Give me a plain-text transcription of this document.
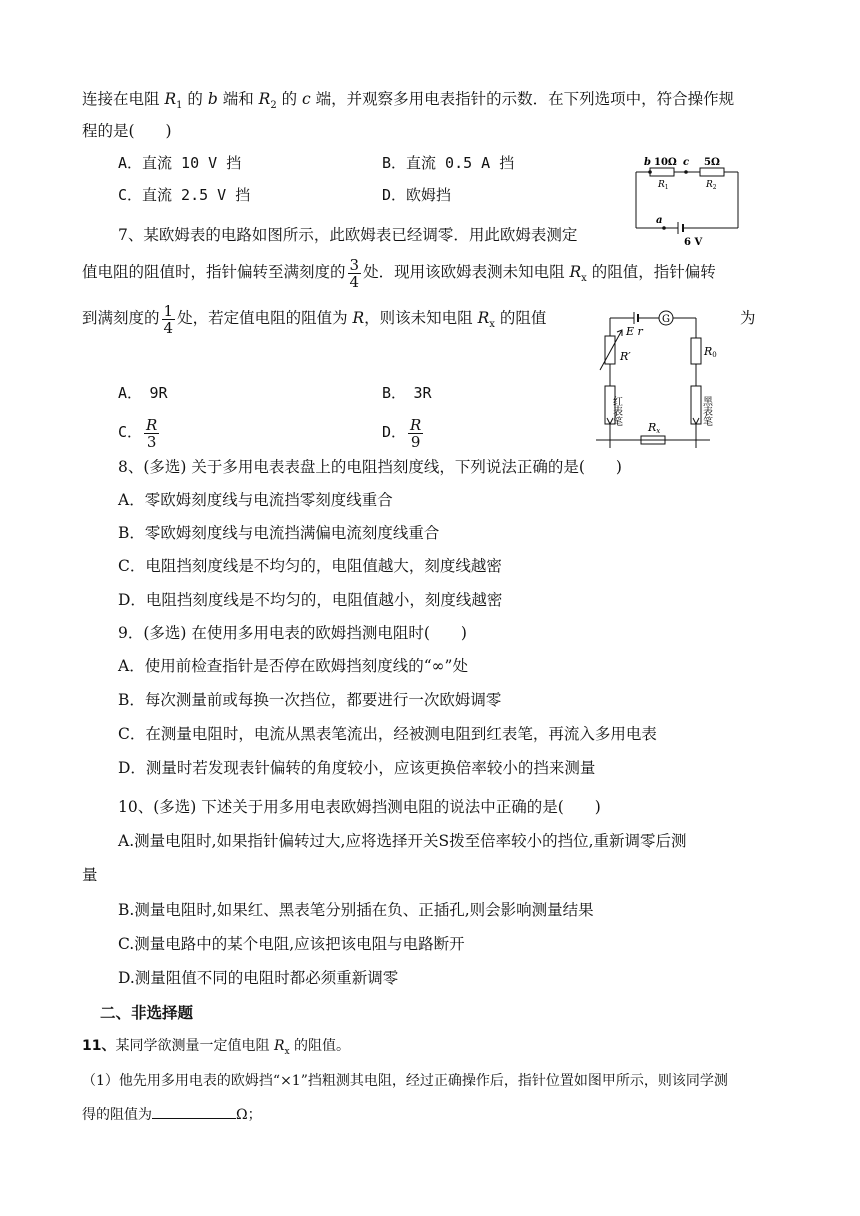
连接在电阻 $R_1$ 的 b 端和 $R_2$ 的 c 端，并观察多用电表指针的示数．在下列选项中，符合操作规
程的是(　　)
A．直流 10 V 挡	B．直流 0.5 A 挡
C．直流 2.5 V 挡	D．欧姆挡
b 10Ω c 5Ω
$R_1$	$R_2$
a
6 V
7、某欧姆表的电路如图所示，此欧姆表已经调零．用此欧姆表测定
值电阻的阻值时，指针偏转至满刻度的 $\frac{3}{4}$ 处．现用该欧姆表测未知电阻 $R_x$ 的阻值，指针偏转
到满刻度的 $\frac{1}{4}$ 处，若定值电阻的阻值为 R，则该未知电阻 $R_x$ 的阻值	为
A．　9R	B．　3R
C． $\frac{R}{3}$	D． $\frac{R}{9}$
G
E r
R′	R0
Rx
红表笔	黑表笔
8、(多选) 关于多用电表表盘上的电阻挡刻度线，下列说法正确的是(　　)
A．零欧姆刻度线与电流挡零刻度线重合
B．零欧姆刻度线与电流挡满偏电流刻度线重合
C．电阻挡刻度线是不均匀的，电阻值越大，刻度线越密
D．电阻挡刻度线是不均匀的，电阻值越小，刻度线越密
9．(多选) 在使用多用电表的欧姆挡测电阻时(　　)
A．使用前检查指针是否停在欧姆挡刻度线的“∞”处
B．每次测量前或每换一次挡位，都要进行一次欧姆调零
C．在测量电阻时，电流从黑表笔流出，经被测电阻到红表笔，再流入多用电表
D．测量时若发现表针偏转的角度较小，应该更换倍率较小的挡来测量
10、(多选) 下述关于用多用电表欧姆挡测电阻的说法中正确的是(　　)
A.测量电阻时,如果指针偏转过大,应将选择开关S拨至倍率较小的挡位,重新调零后测
量
B.测量电阻时,如果红、黑表笔分别插在负、正插孔,则会影响测量结果
C.测量电路中的某个电阻,应该把该电阻与电路断开
D.测量阻值不同的电阻时都必须重新调零
二、非选择题
11、某同学欲测量一定值电阻 $R_x$ 的阻值。
（1）他先用多用电表的欧姆挡“×1”挡粗测其电阻，经过正确操作后，指针位置如图甲所示，则该同学测
得的阻值为	Ω；
